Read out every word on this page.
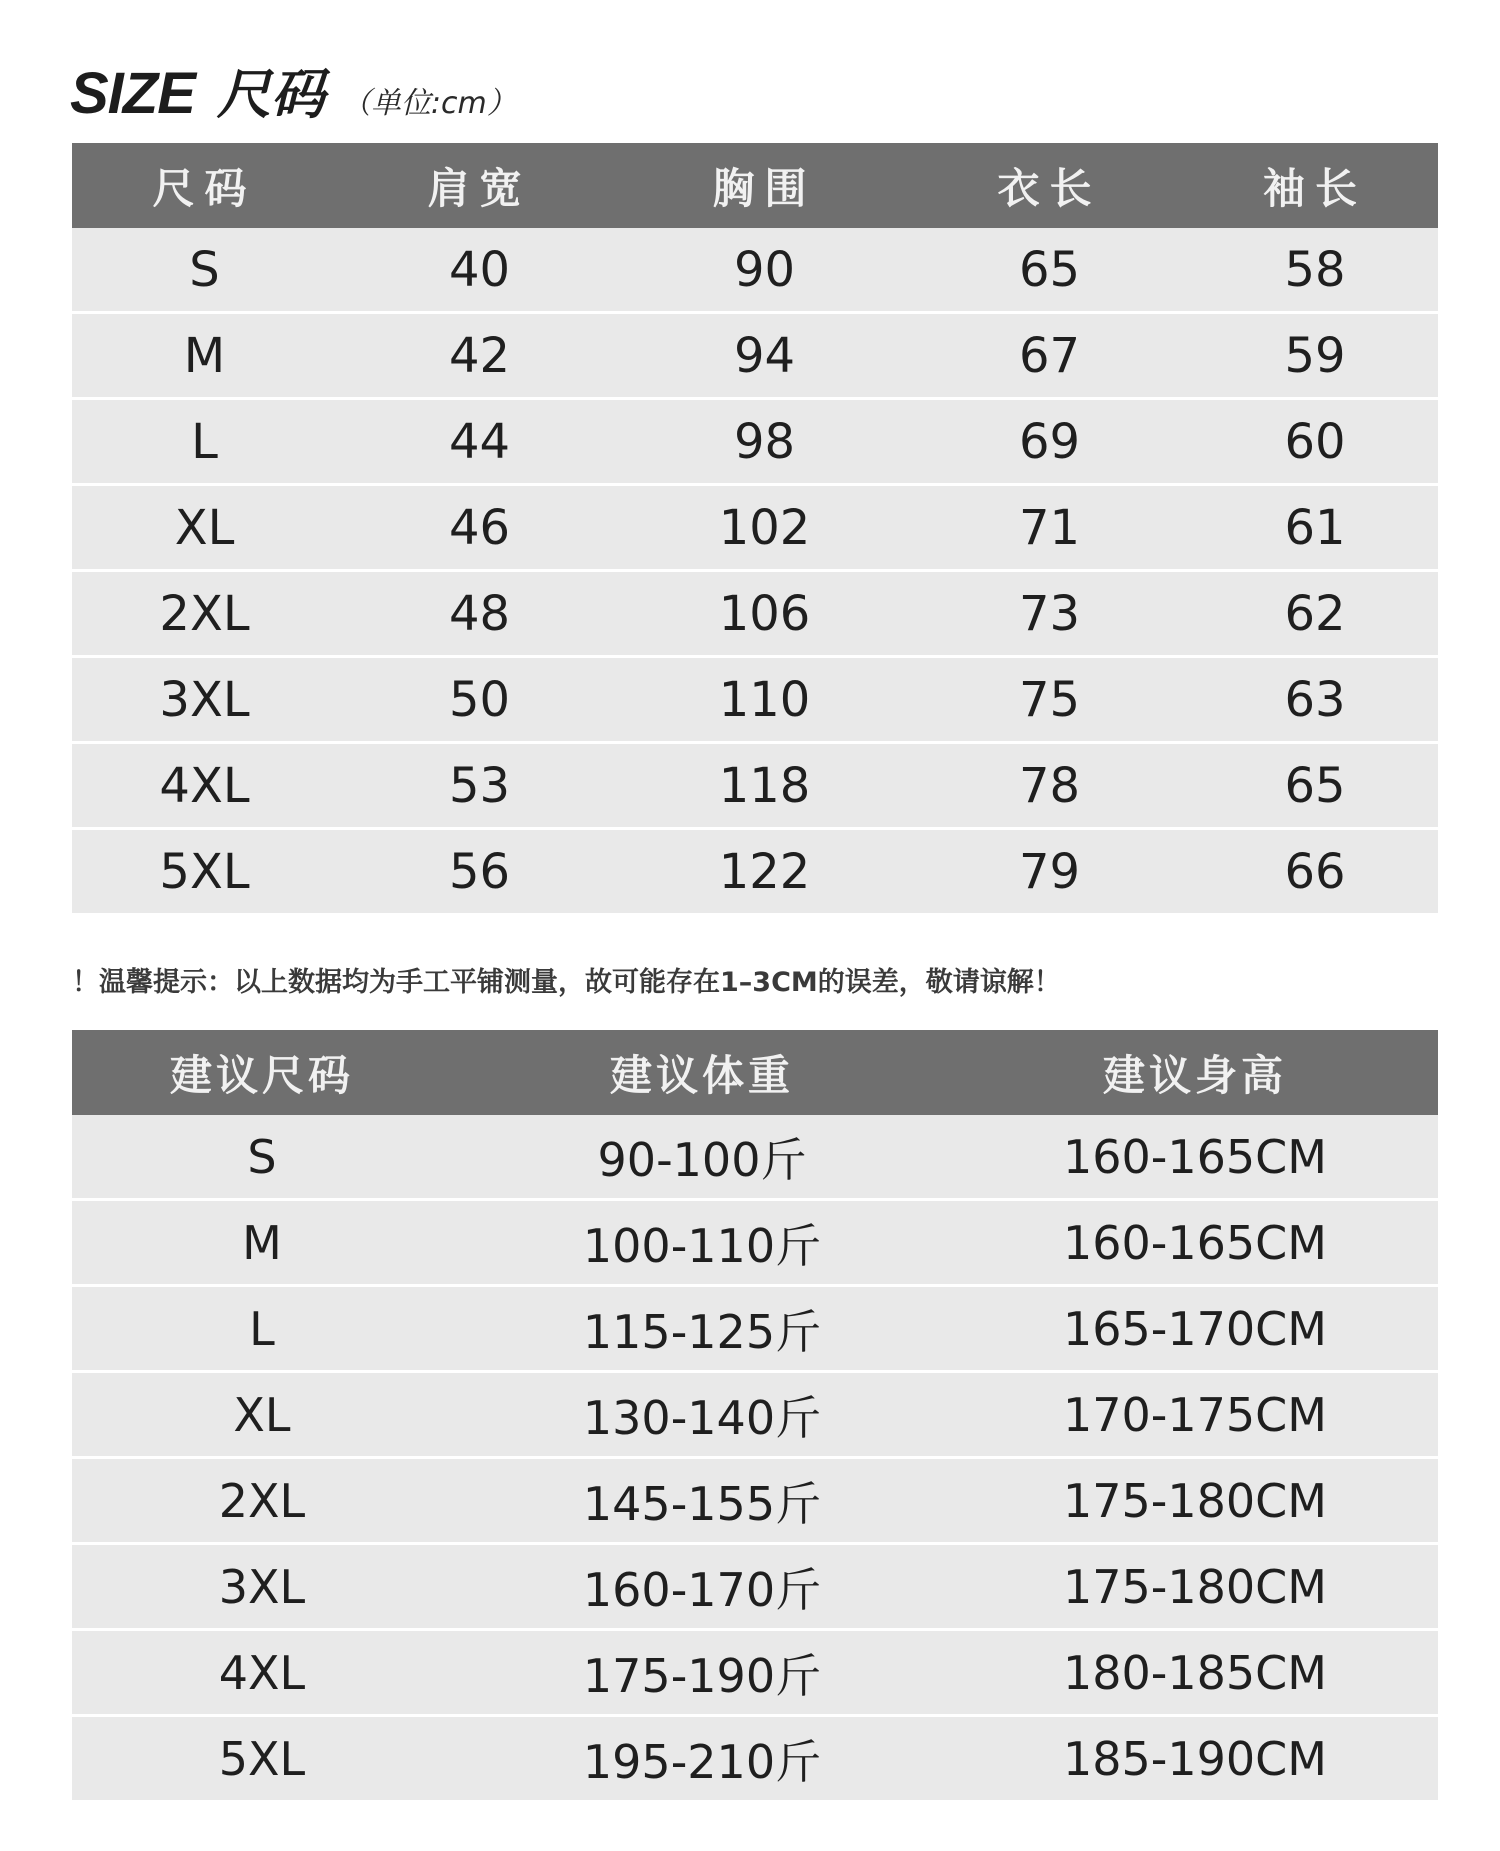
SIZE 尺码 （单位:cm）
尺码	肩宽	胸围	衣长	袖长
S	40	90	65	58
M	42	94	67	59
L	44	98	69	60
XL	46	102	71	61
2XL	48	106	73	62
3XL	50	110	75	63
4XL	53	118	78	65
5XL	56	122	79	66
！温馨提示：以上数据均为手工平铺测量，故可能存在1–3CM的误差，敬请谅解！
建议尺码	建议体重	建议身高
S	90-100斤	160-165CM
M	100-110斤	160-165CM
L	115-125斤	165-170CM
XL	130-140斤	170-175CM
2XL	145-155斤	175-180CM
3XL	160-170斤	175-180CM
4XL	175-190斤	180-185CM
5XL	195-210斤	185-190CM
